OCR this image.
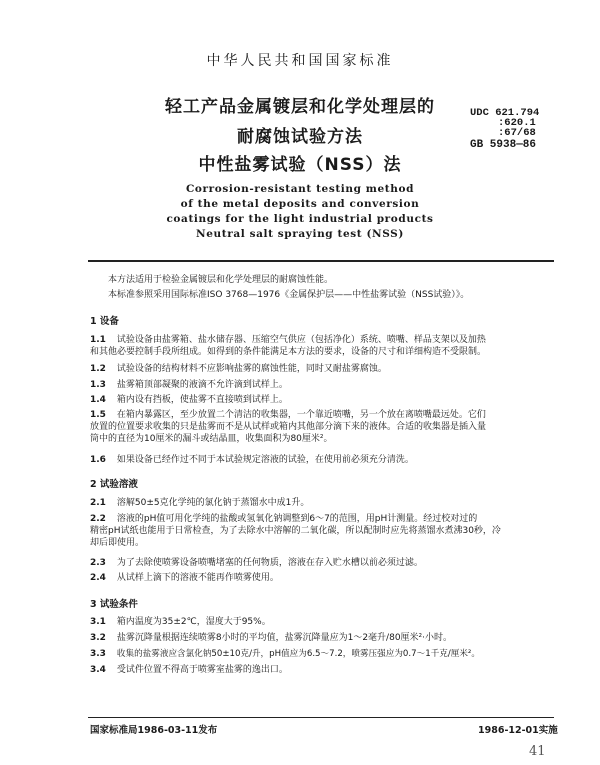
中华人民共和国国家标准
轻工产品金属镀层和化学处理层的
耐腐蚀试验方法
中性盐雾试验（NSS）法
UDC 621.794
:620.1
:67/68
GB 5938—86
Corrosion-resistant testing method
of the metal deposits and conversion
coatings for the light industrial products
Neutral salt spraying test (NSS)
本方法适用于检验金属镀层和化学处理层的耐腐蚀性能。
本标准参照采用国际标准ISO 3768—1976《金属保护层——中性盐雾试验（NSS试验）》。
1 设备
1.1 试验设备由盐雾箱、盐水储存器、压缩空气供应（包括净化）系统、喷嘴、样品支架以及加热
和其他必要控制手段所组成。如得到的条件能满足本方法的要求，设备的尺寸和详细构造不受限制。
1.2 试验设备的结构材料不应影响盐雾的腐蚀性能，同时又耐盐雾腐蚀。
1.3 盐雾箱顶部凝聚的液滴不允许滴到试样上。
1.4 箱内设有挡板，使盐雾不直接喷到试样上。
1.5 在箱内暴露区，至少放置二个清洁的收集器，一个靠近喷嘴，另一个放在离喷嘴最远处。它们
放置的位置要求收集的只是盐雾而不是从试样或箱内其他部分滴下来的液体。合适的收集器是插入量
筒中的直径为10厘米的漏斗或结晶皿，收集面积为80厘米²。
1.6 如果设备已经作过不同于本试验规定溶液的试验，在使用前必须充分清洗。
2 试验溶液
2.1 溶解50±5克化学纯的氯化钠于蒸馏水中成1升。
2.2 溶液的pH值可用化学纯的盐酸或氢氧化钠调整到6～7的范围，用pH计测量。经过校对过的
精密pH试纸也能用于日常检查，为了去除水中溶解的二氧化碳，所以配制时应先将蒸馏水煮沸30秒，冷
却后即使用。
2.3 为了去除使喷雾设备喷嘴堵塞的任何物质，溶液在存入贮水槽以前必须过滤。
2.4 从试样上滴下的溶液不能再作喷雾使用。
3 试验条件
3.1 箱内温度为35±2℃，湿度大于95%。
3.2 盐雾沉降量根据连续喷雾8小时的平均值，盐雾沉降量应为1～2毫升/80厘米²·小时。
3.3 收集的盐雾液应含氯化钠50±10克/升，pH值应为6.5～7.2，喷雾压强应为0.7～1千克/厘米²。
3.4 受试件位置不得高于喷雾室盐雾的逸出口。
国家标准局1986-03-11发布	1986-12-01实施
41
